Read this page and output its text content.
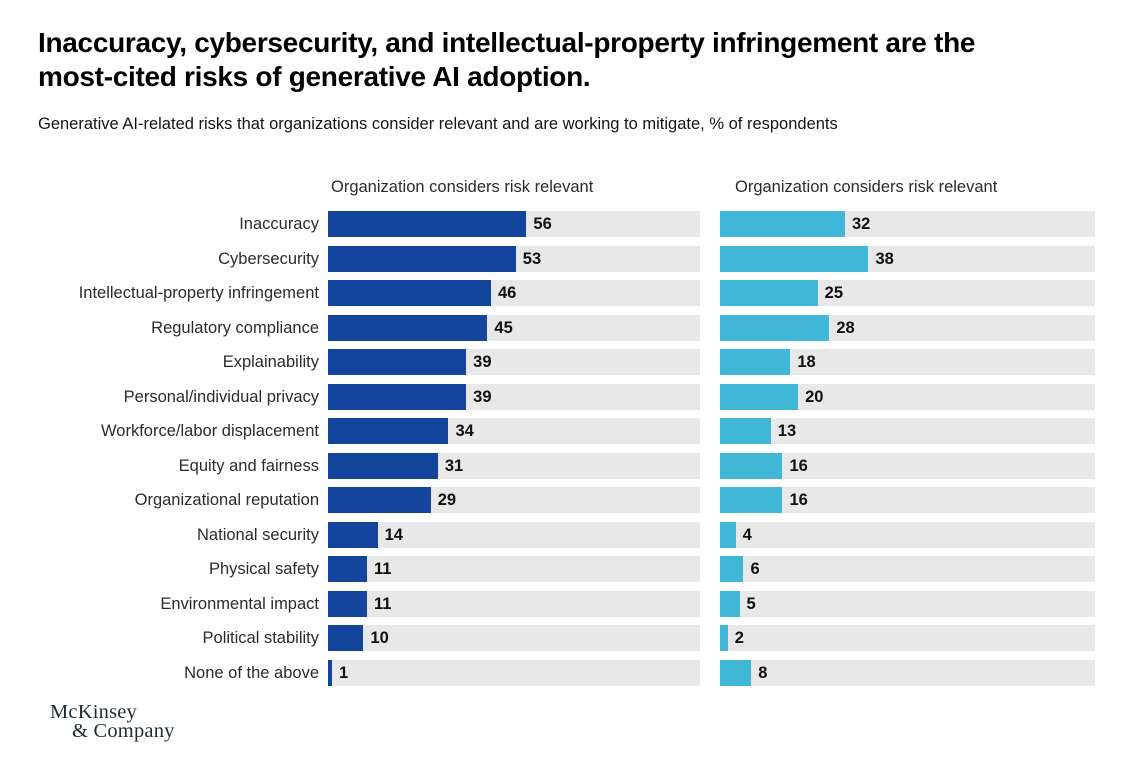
Inaccuracy, cybersecurity, and intellectual-property infringement are the most-cited risks of generative AI adoption.
Generative AI-related risks that organizations consider relevant and are working to mitigate, % of respondents
Organization considers risk relevant	Organization considers risk relevant
Inaccuracy	56	32
Cybersecurity	53	38
Intellectual-property infringement	46	25
Regulatory compliance	45	28
Explainability	39	18
Personal/individual privacy	39	20
Workforce/labor displacement	34	13
Equity and fairness	31	16
Organizational reputation	29	16
National security	14	4
Physical safety	11	6
Environmental impact	11	5
Political stability	10	2
None of the above	1	8
McKinsey
& Company
